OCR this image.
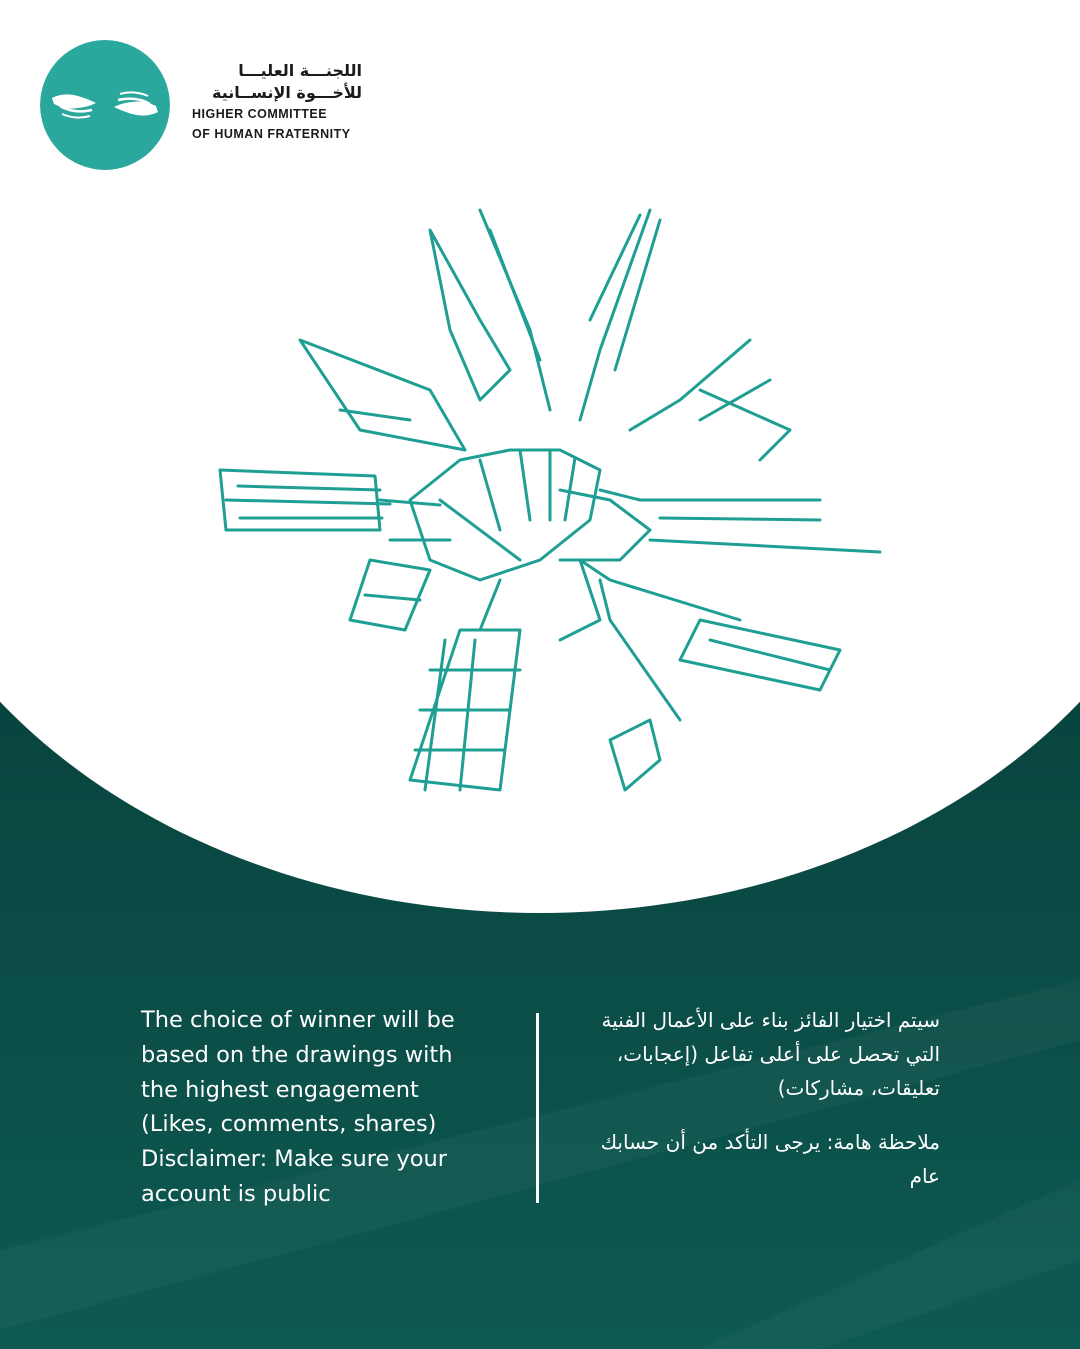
اللجنـــة العليـــا
للأخـــوة الإنســانية
HIGHER COMMITTEE
OF HUMAN FRATERNITY

The choice of winner will be
based on the drawings with
the highest engagement
(Likes, comments, shares)
Disclaimer: Make sure your
account is public

سيتم اختيار الفائز بناء على الأعمال الفنية التي تحصل على أعلى تفاعل (إعجابات، تعليقات، مشاركات)

ملاحظة هامة: يرجى التأكد من أن حسابك عام
